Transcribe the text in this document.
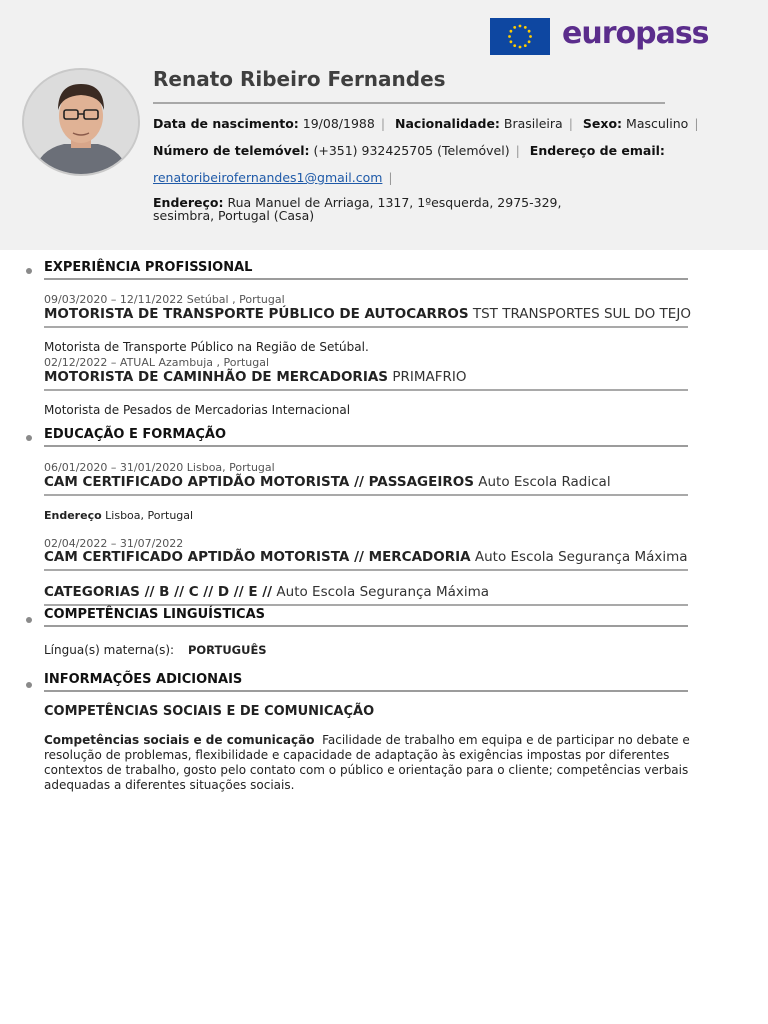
europass
Renato Ribeiro Fernandes
Data de nascimento: 19/08/1988 | Nacionalidade: Brasileira | Sexo: Masculino |
Número de telemóvel: (+351) 932425705 (Telemóvel) | Endereço de email:
renatoribeirofernandes1@gmail.com |
Endereço: Rua Manuel de Arriaga, 1317, 1ºesquerda, 2975-329, sesimbra, Portugal (Casa)
EXPERIÊNCIA PROFISSIONAL
09/03/2020 – 12/11/2022 Setúbal , Portugal
MOTORISTA DE TRANSPORTE PÚBLICO DE AUTOCARROS TST TRANSPORTES SUL DO TEJO
Motorista de Transporte Público na Região de Setúbal.
02/12/2022 – ATUAL Azambuja , Portugal
MOTORISTA DE CAMINHÃO DE MERCADORIAS PRIMAFRIO
Motorista de Pesados de Mercadorias Internacional
EDUCAÇÃO E FORMAÇÃO
06/01/2020 – 31/01/2020 Lisboa, Portugal
CAM CERTIFICADO APTIDÃO MOTORISTA // PASSAGEIROS Auto Escola Radical
Endereço Lisboa, Portugal
02/04/2022 – 31/07/2022
CAM CERTIFICADO APTIDÃO MOTORISTA // MERCADORIA Auto Escola Segurança Máxima
CATEGORIAS // B // C // D // E // Auto Escola Segurança Máxima
COMPETÊNCIAS LINGUÍSTICAS
Língua(s) materna(s): PORTUGUÊS
INFORMAÇÕES ADICIONAIS
COMPETÊNCIAS SOCIAIS E DE COMUNICAÇÃO
Competências sociais e de comunicação Facilidade de trabalho em equipa e de participar no debate e resolução de problemas, flexibilidade e capacidade de adaptação às exigências impostas por diferentes contextos de trabalho, gosto pelo contato com o público e orientação para o cliente; competências verbais adequadas a diferentes situações sociais.
